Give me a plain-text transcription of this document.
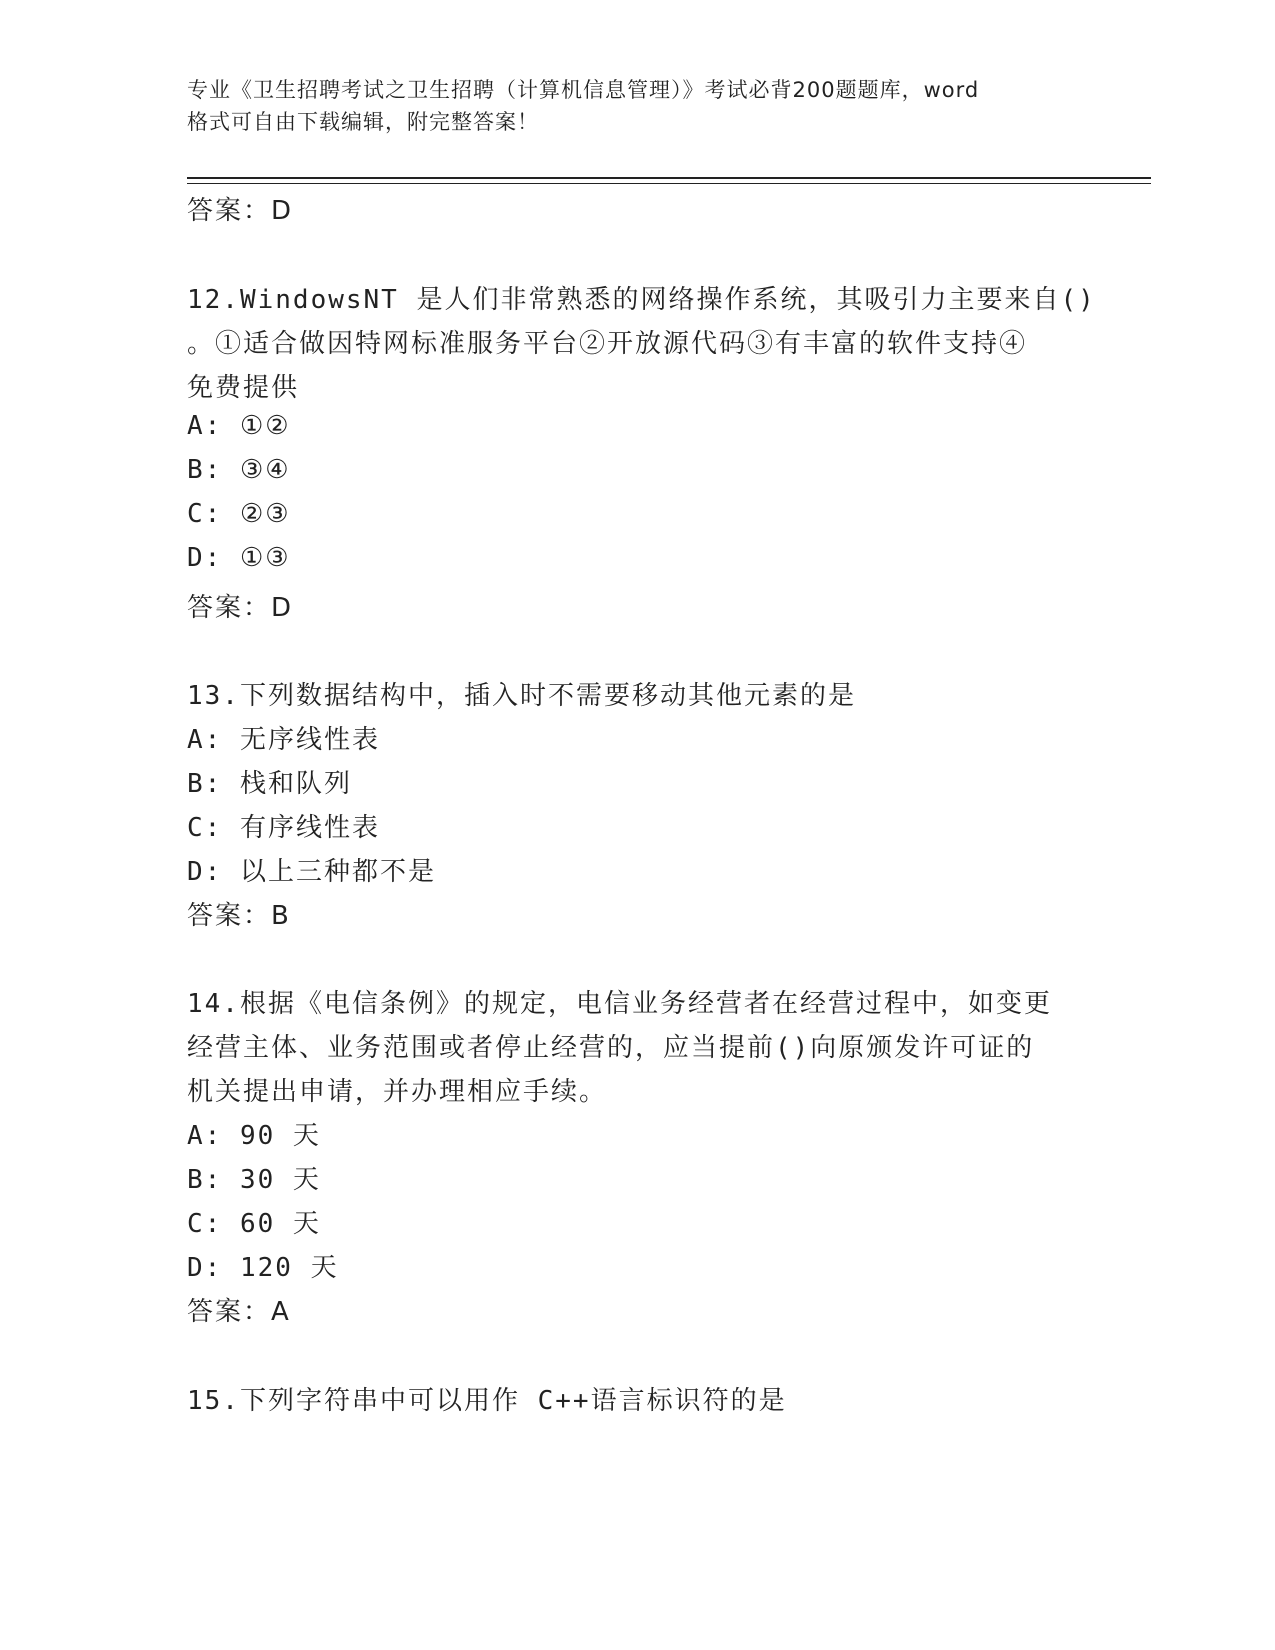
专业《卫生招聘考试之卫生招聘（计算机信息管理）》考试必背200题题库，word
格式可自由下载编辑，附完整答案！
答案：D
12.WindowsNT 是人们非常熟悉的网络操作系统，其吸引力主要来自()
。①适合做因特网标准服务平台②开放源代码③有丰富的软件支持④
免费提供
A: ①②
B: ③④
C: ②③
D: ①③
答案：D
13.下列数据结构中，插入时不需要移动其他元素的是
A: 无序线性表
B: 栈和队列
C: 有序线性表
D: 以上三种都不是
答案：B
14.根据《电信条例》的规定，电信业务经营者在经营过程中，如变更
经营主体、业务范围或者停止经营的，应当提前()向原颁发许可证的
机关提出申请，并办理相应手续。
A: 90 天
B: 30 天
C: 60 天
D: 120 天
答案：A
15.下列字符串中可以用作 C++语言标识符的是
